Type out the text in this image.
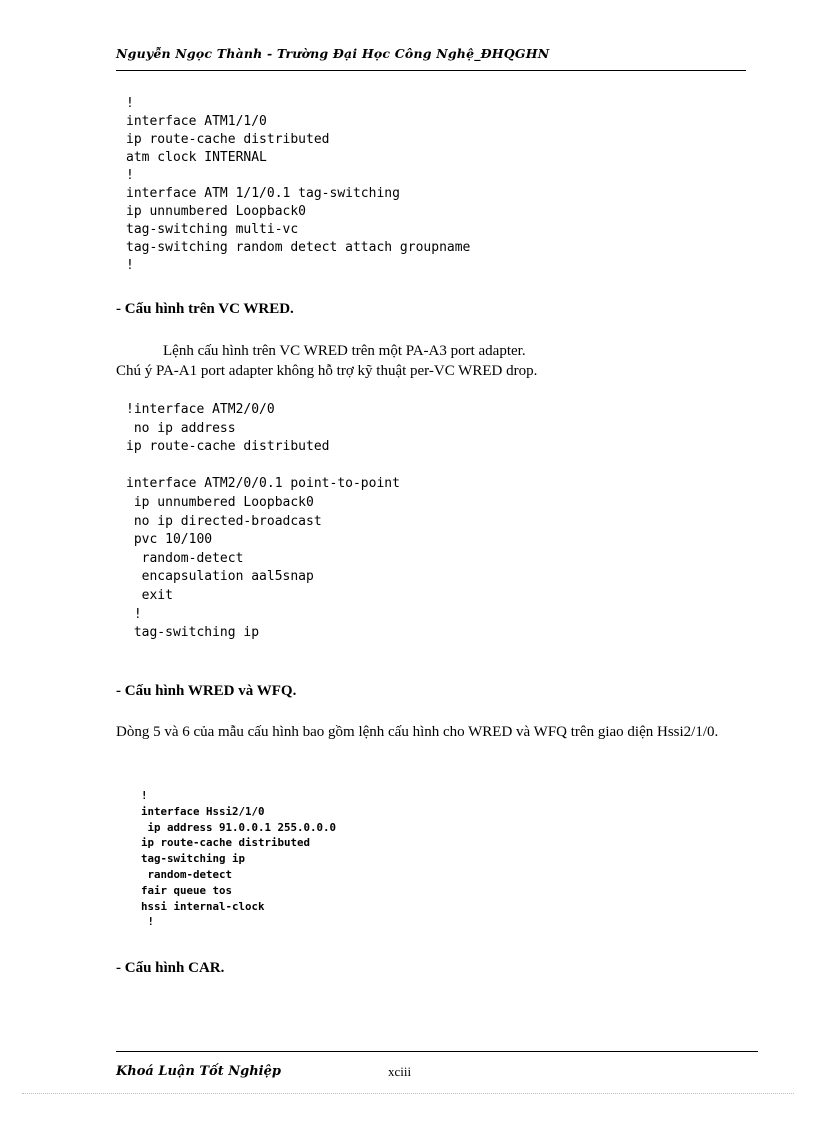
Nguyễn Ngọc Thành - Trường Đại Học Công Nghệ_ĐHQGHN
!
interface ATM1/1/0
ip route-cache distributed
atm clock INTERNAL
!
interface ATM 1/1/0.1 tag-switching
ip unnumbered Loopback0
tag-switching multi-vc
tag-switching random detect attach groupname
!
- Cấu hình trên VC WRED.
Lệnh cấu hình trên VC WRED trên một PA-A3 port adapter.
Chú ý PA-A1 port adapter không hỗ trợ kỹ thuật per-VC WRED drop.
!interface ATM2/0/0
no ip address
ip route-cache distributed

interface ATM2/0/0.1 point-to-point
ip unnumbered Loopback0
no ip directed-broadcast
pvc 10/100
random-detect
encapsulation aal5snap
exit
!
tag-switching ip
- Cấu hình WRED và WFQ.
Dòng 5 và 6 của mẫu cấu hình bao gồm lệnh cấu hình cho WRED và WFQ trên giao diện Hssi2/1/0.
!
interface Hssi2/1/0
ip address 91.0.0.1 255.0.0.0
ip route-cache distributed
tag-switching ip
random-detect
fair queue tos
hssi internal-clock
!
- Cấu hình CAR.
Khoá Luận Tốt Nghiệp	xciii
